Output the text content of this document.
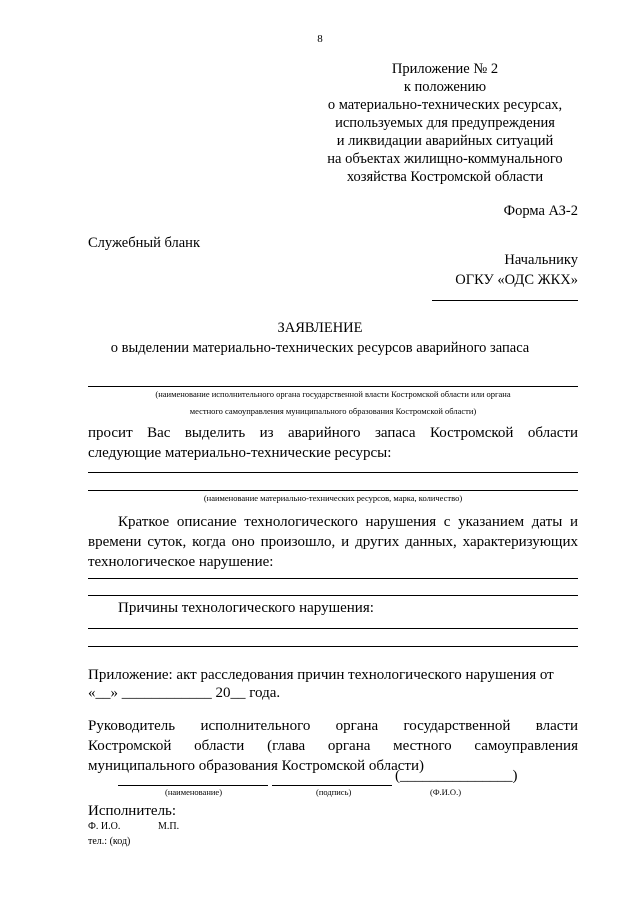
8
Приложение № 2
к положению
о материально-технических ресурсах,
используемых для предупреждения
и ликвидации аварийных ситуаций
на объектах жилищно-коммунального
хозяйства Костромской области
Форма АЗ-2
Служебный бланк
Начальнику
ОГКУ «ОДС ЖКХ»
ЗАЯВЛЕНИЕ
о выделении материально-технических ресурсов аварийного запаса
(наименование исполнительного органа государственной власти Костромской области или органа
местного самоуправления муниципального образования Костромской области)
просит Вас выделить из аварийного запаса Костромской области следующие материально-технические ресурсы:
(наименование материально-технических ресурсов, марка, количество)
Краткое описание технологического нарушения с указанием даты и времени суток, когда оно произошло, и других данных, характеризующих технологическое нарушение:
Причины технологического нарушения:
Приложение: акт расследования причин технологического нарушения от
«__» ____________ 20__ года.
Руководитель исполнительного органа государственной власти Костромской области (глава органа местного самоуправления муниципального образования Костромской области)
(_______________)
(наименование)	(подпись)	(Ф.И.О.)
Исполнитель:
Ф. И.О.	М.П.
тел.: (код)
